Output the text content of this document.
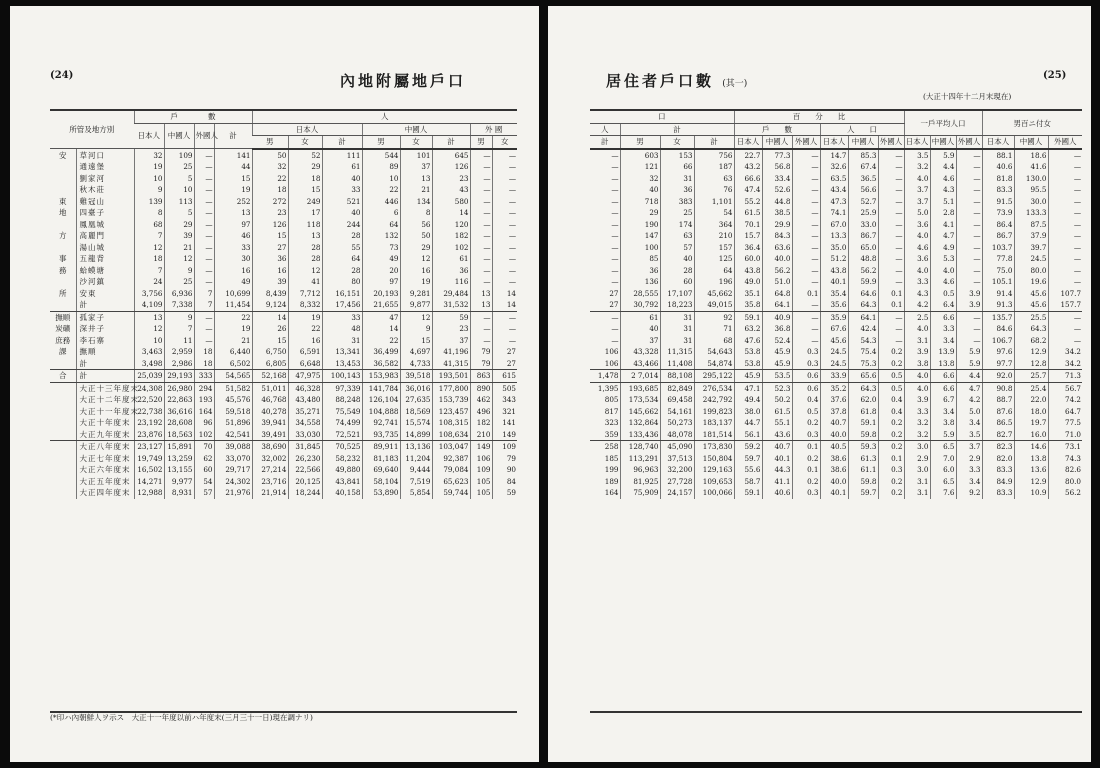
(24)	內地附屬地戶口
所管及地方別		戶　　　　 數				人							
		日本人	中國人	外國人	計	日本人			中國人			外 國	
						男	女	計	男	女	計	男	女
安	草河口	32	109	—	141	50	52	111	544	101	645	—	—
	通遠堡	19	25	—	44	32	29	61	89	37	126	—	—
	劉家河	10	5	—	15	22	18	40	10	13	23	—	—
	秋木莊	9	10	—	19	18	15	33	22	21	43	—	—
東	雞冠山	139	113	—	252	272	249	521	446	134	580	—	—
地	四臺子	8	5	—	13	23	17	40	6	8	14	—	—
	鳳凰城	68	29	—	97	126	118	244	64	56	120	—	—
方	高麗門	7	39	—	46	15	13	28	132	50	182	—	—
	湯山城	12	21	—	33	27	28	55	73	29	102	—	—
事	五龍背	18	12	—	30	36	28	64	49	12	61	—	—
務	蛤蟆塘	7	9	—	16	16	12	28	20	16	36	—	—
	沙河鎮	24	25	—	49	39	41	80	97	19	116	—	—
所	安東	3,756	6,936	7	10,699	8,439	7,712	16,151	20,193	9,281	29,484	13	14
	計	4,109	7,338	7	11,454	9,124	8,332	17,456	21,655	9,877	31,532	13	14
撫順	孤家子	13	9	—	22	14	19	33	47	12	59	—	—
炭礦	深井子	12	7	—	19	26	22	48	14	9	23	—	—
庶務	李石寨	10	11	—	21	15	16	31	22	15	37	—	—
課	撫順	3,463	2,959	18	6,440	6,750	6,591	13,341	36,499	4,697	41,196	79	27
	計	3,498	2,986	18	6,502	6,805	6,648	13,453	36,582	4,733	41,315	79	27
合	計	25,039	29,193	333	54,565	52,168	47,975	100,143	153,983	39,518	193,501	863	615
	大正十三年度末	24,308	26,980	294	51,582	51,011	46,328	97,339	141,784	36,016	177,800	890	505
	大正十二年度末	22,520	22,863	193	45,576	46,768	43,480	88,248	126,104	27,635	153,739	462	343
	大正十一年度末	22,738	36,616	164	59,518	40,278	35,271	75,549	104,888	18,569	123,457	496	321
	大正十年度末	23,192	28,608	96	51,896	39,941	34,558	74,499	92,741	15,574	108,315	182	141
	大正九年度末	23,876	18,563	102	42,541	39,491	33,030	72,521	93,735	14,899	108,634	210	149
	大正八年度末	23,127	15,891	70	39,088	38,690	31,845	70,525	89,911	13,136	103,047	149	109
	大正七年度末	19,749	13,259	62	33,070	32,002	26,230	58,232	81,183	11,204	92,387	106	79
	大正六年度末	16,502	13,155	60	29,717	27,214	22,566	49,880	69,640	9,444	79,084	109	90
	大正五年度末	14,271	9,977	54	24,302	23,716	20,125	43,841	58,104	7,519	65,623	105	84
	大正四年度末	12,988	8,931	57	21,976	21,914	18,244	40,158	53,890	5,854	59,744	105	59
(*印ハ內朝鮮人ヲ示ス　大正十一年度以前ハ年度末(三月三十一日)現在調ナリ)
居住者戶口數 (其一)
(25)
(大正十四年十二月末現在)
口				百　　分　　比						一戶平均人口			男百ニ付女		
人	計			戶　　 數			人　　 口								
計	男	女	計	日本人	中國人	外國人	日本人	中國人	外國人	日本人	中國人	外國人	日本人	中國人	外國人
—	603	153	756	22.7	77.3	—	14.7	85.3	—	3.5	5.9	—	88.1	18.6	—
—	121	66	187	43.2	56.8	—	32.6	67.4	—	3.2	4.4	—	40.6	41.6	—
—	32	31	63	66.6	33.4	—	63.5	36.5	—	4.0	4.6	—	81.8	130.0	—
—	40	36	76	47.4	52.6	—	43.4	56.6	—	3.7	4.3	—	83.3	95.5	—
—	718	383	1,101	55.2	44.8	—	47.3	52.7	—	3.7	5.1	—	91.5	30.0	—
—	29	25	54	61.5	38.5	—	74.1	25.9	—	5.0	2.8	—	73.9	133.3	—
—	190	174	364	70.1	29.9	—	67.0	33.0	—	3.6	4.1	—	86.4	87.5	—
—	147	63	210	15.7	84.3	—	13.3	86.7	—	4.0	4.7	—	86.7	37.9	—
—	100	57	157	36.4	63.6	—	35.0	65.0	—	4.6	4.9	—	103.7	39.7	—
—	85	40	125	60.0	40.0	—	51.2	48.8	—	3.6	5.3	—	77.8	24.5	—
—	36	28	64	43.8	56.2	—	43.8	56.2	—	4.0	4.0	—	75.0	80.0	—
—	136	60	196	49.0	51.0	—	40.1	59.9	—	3.3	4.6	—	105.1	19.6	—
27	28,555	17,107	45,662	35.1	64.8	0.1	35.4	64.6	0.1	4.3	0.5	3.9	91.4	45.6	107.7
27	30,792	18,223	49,015	35.8	64.1	—	35.6	64.3	0.1	4.2	6.4	3.9	91.3	45.6	157.7
—	61	31	92	59.1	40.9	—	35.9	64.1	—	2.5	6.6	—	135.7	25.5	—
—	40	31	71	63.2	36.8	—	67.6	42.4	—	4.0	3.3	—	84.6	64.3	—
—	37	31	68	47.6	52.4	—	45.6	54.3	—	3.1	3.4	—	106.7	68.2	—
106	43,328	11,315	54,643	53.8	45.9	0.3	24.5	75.4	0.2	3.9	13.9	5.9	97.6	12.9	34.2
106	43,466	11,408	54,874	53.8	45.9	0.3	24.5	75.3	0.2	3.8	13.8	5.9	97.7	12.8	34.2
1,478	2 7,014	88,108	295,122	45.9	53.5	0.6	33.9	65.6	0.5	4.0	6.6	4.4	92.0	25.7	71.3
1,395	193,685	82,849	276,534	47.1	52.3	0.6	35.2	64.3	0.5	4.0	6.6	4.7	90.8	25.4	56.7
805	173,534	69,458	242,792	49.4	50.2	0.4	37.6	62.0	0.4	3.9	6.7	4.2	88.7	22.0	74.2
817	145,662	54,161	199,823	38.0	61.5	0.5	37.8	61.8	0.4	3.3	3.4	5.0	87.6	18.0	64.7
323	132,864	50,273	183,137	44.7	55.1	0.2	40.7	59.1	0.2	3.2	3.8	3.4	86.5	19.7	77.5
359	133,436	48,078	181,514	56.1	43.6	0.3	40.0	59.8	0.2	3.2	5.9	3.5	82.7	16.0	71.0
258	128,740	45,090	173,830	59.2	40.7	0.1	40.5	59.3	0.2	3.0	6.5	3.7	82.3	14.6	73.1
185	113,291	37,513	150,804	59.7	40.1	0.2	38.6	61.3	0.1	2.9	7.0	2.9	82.0	13.8	74.3
199	96,963	32,200	129,163	55.6	44.3	0.1	38.6	61.1	0.3	3.0	6.0	3.3	83.3	13.6	82.6
189	81,925	27,728	109,653	58.7	41.1	0.2	40.0	59.8	0.2	3.1	6.5	3.4	84.9	12.9	80.0
164	75,909	24,157	100,066	59.1	40.6	0.3	40.1	59.7	0.2	3.1	7.6	9.2	83.3	10.9	56.2
